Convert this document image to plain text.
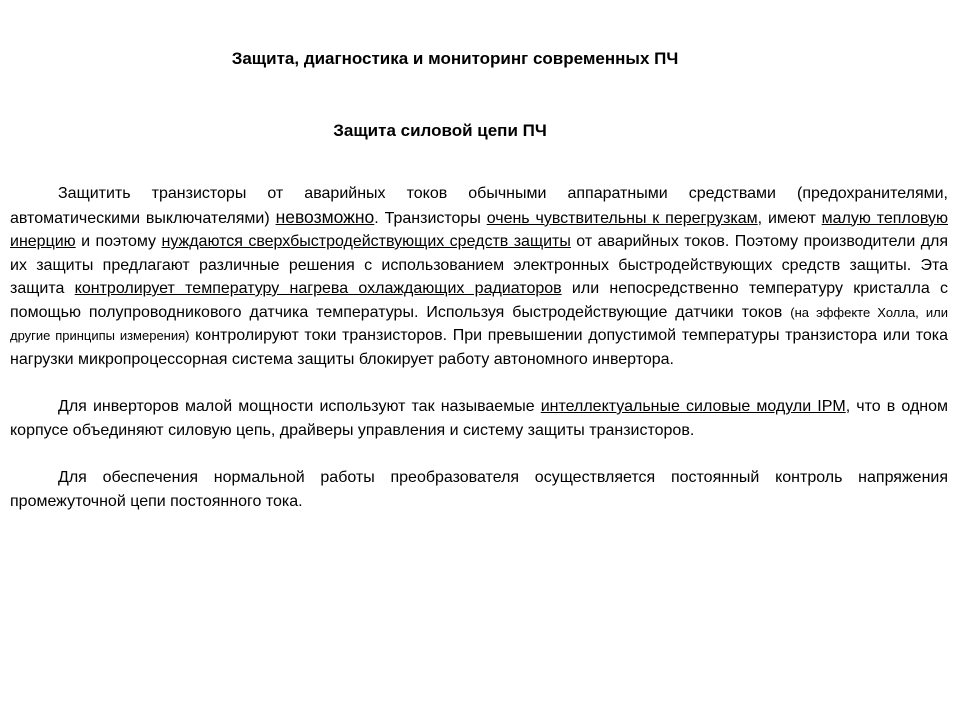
Защита, диагностика и мониторинг современных ПЧ
Защита силовой цепи ПЧ

Защитить транзисторы от аварийных токов обычными аппаратными средствами (предохранителями, автоматическими выключателями) невозможно. Транзисторы очень чувствительны к перегрузкам, имеют малую тепловую инерцию и поэтому нуждаются сверхбыстродействующих средств защиты от аварийных токов. Поэтому производители для их защиты предлагают различные решения с использованием электронных быстродействующих средств защиты. Эта защита контролирует температуру нагрева охлаждающих радиаторов или непосредственно температуру кристалла с помощью полупроводникового датчика температуры. Используя быстродействующие датчики токов (на эффекте Холла, или другие принципы измерения) контролируют токи транзисторов. При превышении допустимой температуры транзистора или тока нагрузки микропроцессорная система защиты блокирует работу автономного инвертора.

Для инверторов малой мощности используют так называемые интеллектуальные силовые модули IPM, что в одном корпусе объединяют силовую цепь, драйверы управления и систему защиты транзисторов.

Для обеспечения нормальной работы преобразователя осуществляется постоянный контроль напряжения промежуточной цепи постоянного тока.
